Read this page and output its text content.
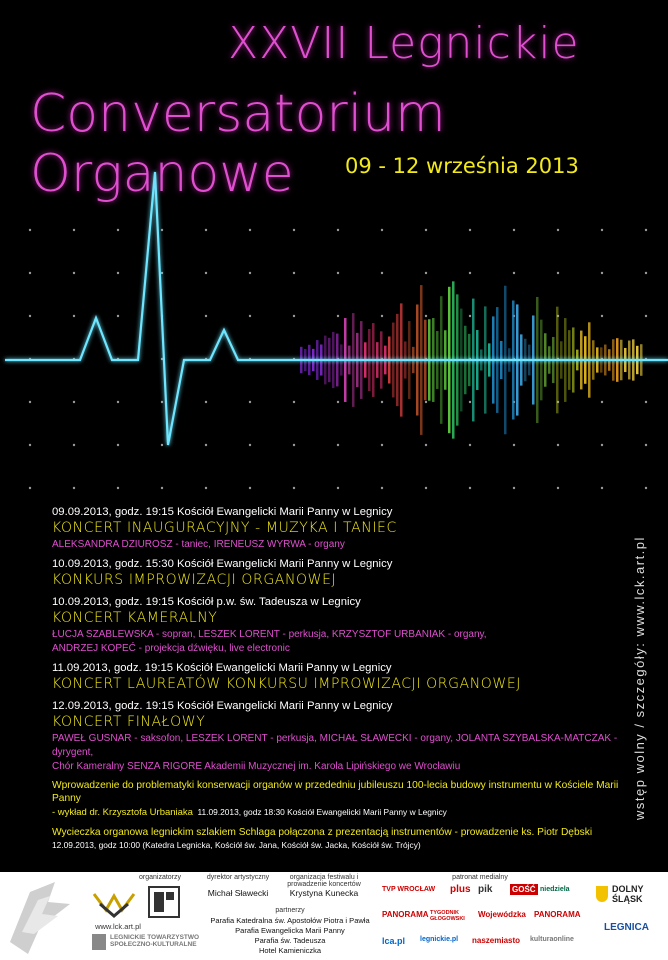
XXVII Legnickie
Conversatorium Organowe	09 - 12 września 2013
09.09.2013, godz. 19:15 Kościół Ewangelicki Marii Panny w Legnicy
KONCERT INAUGURACYJNY - MUZYKA I TANIEC
ALEKSANDRA DZIUROSZ - taniec, IRENEUSZ WYRWA - organy
10.09.2013, godz. 15:30 Kościół Ewangelicki Marii Panny w Legnicy
KONKURS IMPROWIZACJI ORGANOWEJ
10.09.2013, godz. 19:15 Kościół p.w. św. Tadeusza w Legnicy
KONCERT KAMERALNY
ŁUCJA SZABLEWSKA - sopran, LESZEK LORENT - perkusja, KRZYSZTOF URBANIAK - organy,
ANDRZEJ KOPEĆ - projekcja dźwięku, live electronic
11.09.2013, godz. 19:15 Kościół Ewangelicki Marii Panny w Legnicy
KONCERT LAUREATÓW KONKURSU IMPROWIZACJI ORGANOWEJ
12.09.2013, godz. 19:15 Kościół Ewangelicki Marii Panny w Legnicy
KONCERT FINAŁOWY
PAWEŁ GUSNAR - saksofon, LESZEK LORENT - perkusja, MICHAŁ SŁAWECKI - organy, JOLANTA SZYBALSKA-MATCZAK - dyrygent,
Chór Kameralny SENZA RIGORE Akademii Muzycznej im. Karola Lipińskiego we Wrocławiu
Wprowadzenie do problematyki konserwacji organów w przededniu jubileuszu 100-lecia budowy instrumentu w Kościele Marii Panny
- wykład dr. Krzysztofa Urbaniaka 11.09.2013, godz 18:30 Kościół Ewangelicki Marii Panny w Legnicy
Wycieczka organowa legnickim szlakiem Schlaga połączona z prezentacją instrumentów - prowadzenie ks. Piotr Dębski
12.09.2013, godz 10:00 (Katedra Legnicka, Kościół św. Jana, Kościół św. Jacka, Kościół św. Trójcy)
wstęp wolny / szczegóły: www.lck.art.pl
organizatorzy
www.lck.art.pl
LEGNICKIE TOWARZYSTWO SPOŁECZNO-KULTURALNE
dyrektor artystyczny
Michał Sławecki
organizacja festiwalu i prowadzenie koncertów
Krystyna Kunecka
partnerzy
Parafia Katedralna św. Apostołów Piotra i Pawła
Parafia Ewangelicka Marii Panny
Parafia św. Tadeusza
Hotel Kamieniczka
patronat medialny
TVP WROCŁAW plus pik GOŚĆ niedziela
PANORAMA TYGODNIK GŁOGOWSKI	Wojewódzka PANORAMA
lca.pl legnickie.pl naszemiasto kulturaonline
DOLNY ŚLĄSK
LEGNICA
